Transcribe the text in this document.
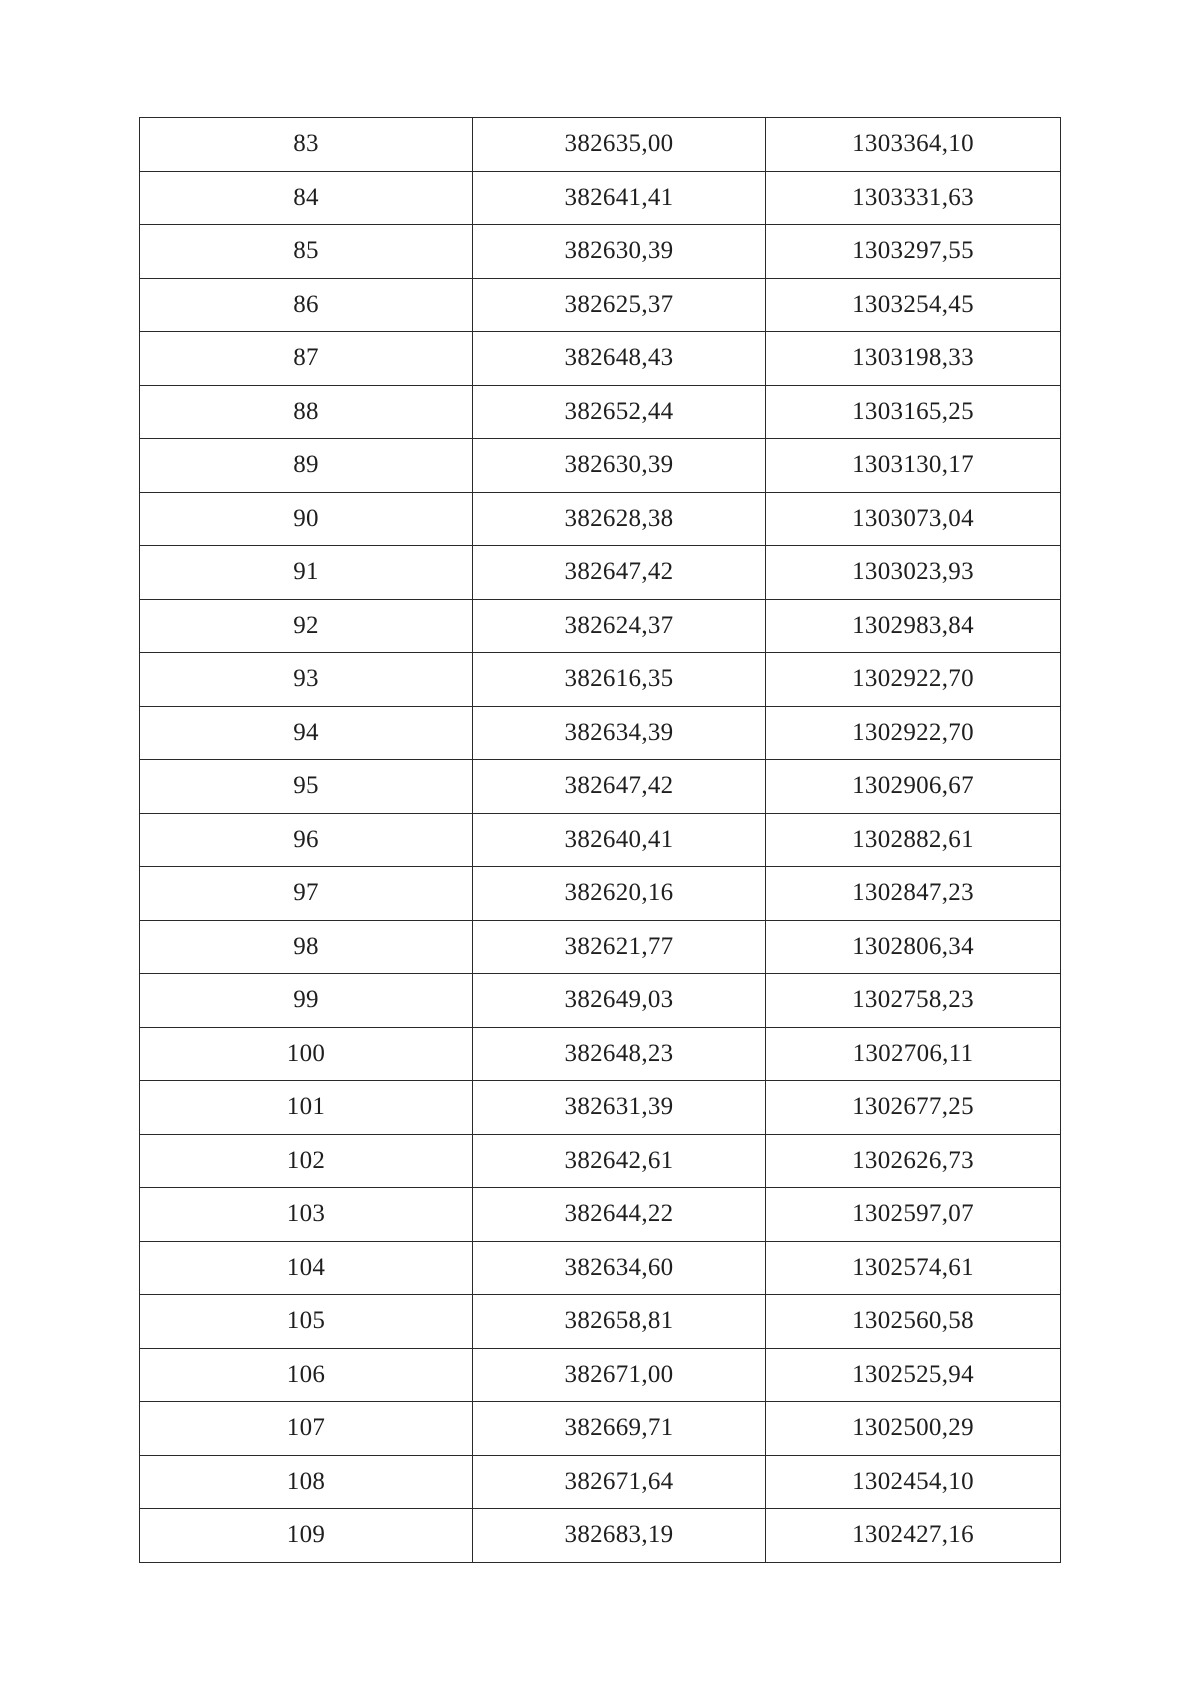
83	382635,00	1303364,10
84	382641,41	1303331,63
85	382630,39	1303297,55
86	382625,37	1303254,45
87	382648,43	1303198,33
88	382652,44	1303165,25
89	382630,39	1303130,17
90	382628,38	1303073,04
91	382647,42	1303023,93
92	382624,37	1302983,84
93	382616,35	1302922,70
94	382634,39	1302922,70
95	382647,42	1302906,67
96	382640,41	1302882,61
97	382620,16	1302847,23
98	382621,77	1302806,34
99	382649,03	1302758,23
100	382648,23	1302706,11
101	382631,39	1302677,25
102	382642,61	1302626,73
103	382644,22	1302597,07
104	382634,60	1302574,61
105	382658,81	1302560,58
106	382671,00	1302525,94
107	382669,71	1302500,29
108	382671,64	1302454,10
109	382683,19	1302427,16
